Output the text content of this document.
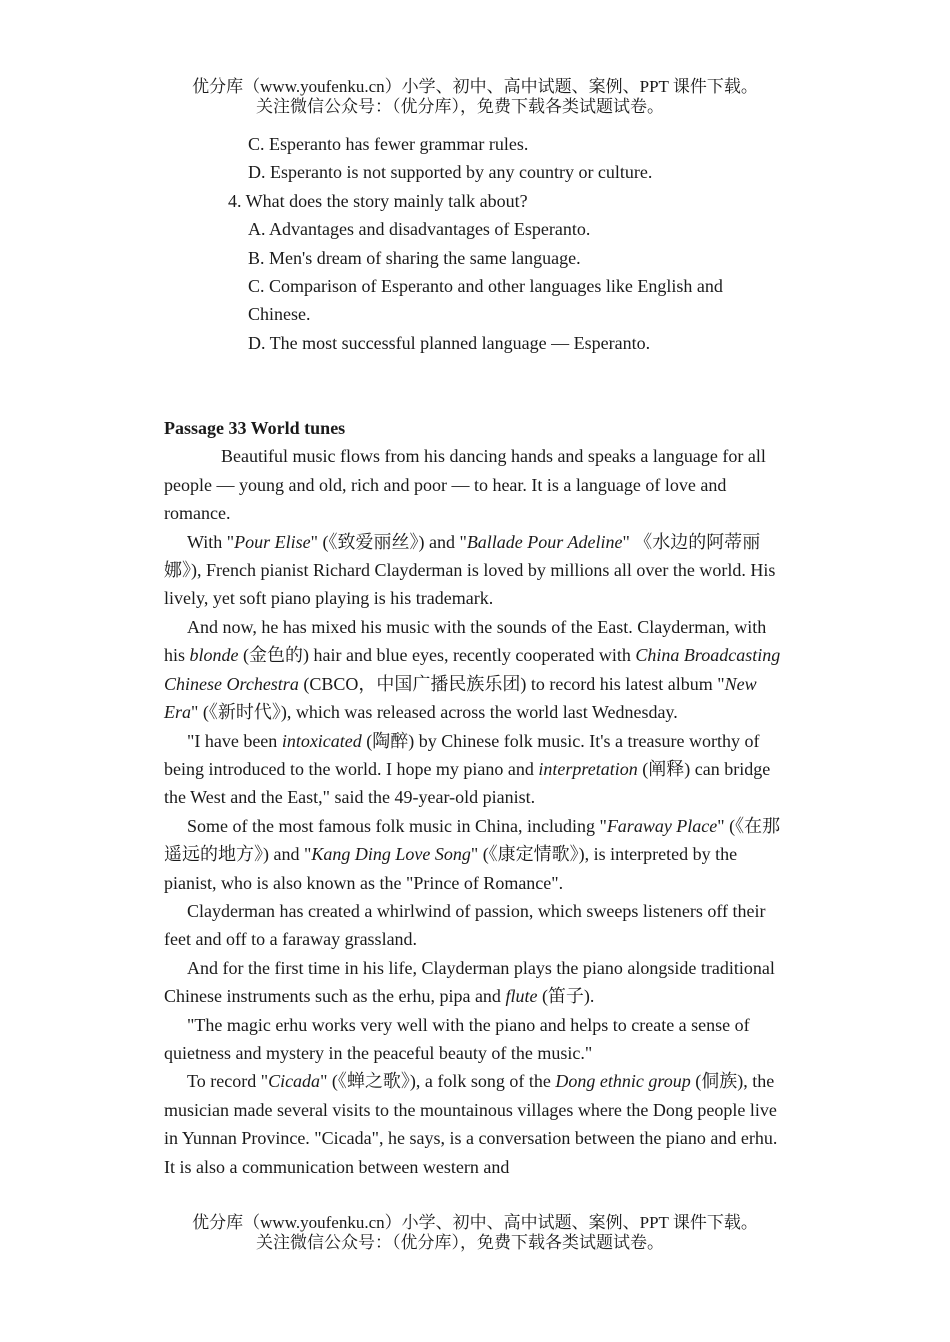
优分库（www.youfenku.cn）小学、初中、高中试题、案例、PPT 课件下载。
关注微信公众号：（优分库），免费下载各类试题试卷。

C. Esperanto has fewer grammar rules.

D. Esperanto is not supported by any country or culture.

4. What does the story mainly talk about?

A. Advantages and disadvantages of Esperanto.

B. Men's dream of sharing the same language.

C. Comparison of Esperanto and other languages like English and Chinese.

D. The most successful planned language — Esperanto.

Passage 33 World tunes

Beautiful music flows from his dancing hands and speaks a language for all people — young and old, rich and poor — to hear. It is a language of love and romance.

With "Pour Elise" (《致爱丽丝》) and "Ballade Pour Adeline" 《水边的阿蒂丽娜》), French pianist Richard Clayderman is loved by millions all over the world. His lively, yet soft piano playing is his trademark.

And now, he has mixed his music with the sounds of the East. Clayderman, with his blonde (金色的) hair and blue eyes, recently cooperated with China Broadcasting Chinese Orchestra (CBCO，中国广播民族乐团) to record his latest album "New Era" (《新时代》), which was released across the world last Wednesday.

"I have been intoxicated (陶醉) by Chinese folk music. It's a treasure worthy of being introduced to the world. I hope my piano and interpretation (阐释) can bridge the West and the East," said the 49-year-old pianist.

Some of the most famous folk music in China, including "Faraway Place" (《在那遥远的地方》) and "Kang Ding Love Song" (《康定情歌》), is interpreted by the pianist, who is also known as the "Prince of Romance".

Clayderman has created a whirlwind of passion, which sweeps listeners off their feet and off to a faraway grassland.

And for the first time in his life, Clayderman plays the piano alongside traditional Chinese instruments such as the erhu, pipa and flute (笛子).

"The magic erhu works very well with the piano and helps to create a sense of quietness and mystery in the peaceful beauty of the music."

To record "Cicada" (《蝉之歌》), a folk song of the Dong ethnic group (侗族), the musician made several visits to the mountainous villages where the Dong people live in Yunnan Province. "Cicada", he says, is a conversation between the piano and erhu. It is also a communication between western and

优分库（www.youfenku.cn）小学、初中、高中试题、案例、PPT 课件下载。
关注微信公众号：（优分库），免费下载各类试题试卷。
